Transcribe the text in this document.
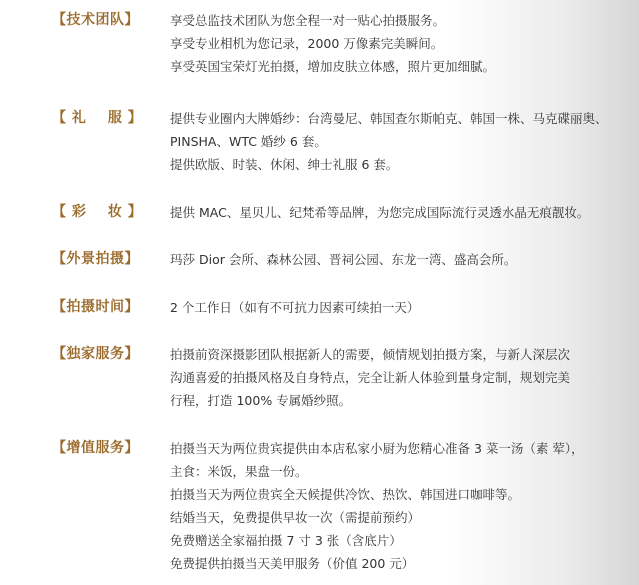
【技术团队】 享受总监技术团队为您全程一对一贴心拍摄服务。
享受专业相机为您记录，2000 万像素完美瞬间。
享受英国宝荣灯光拍摄，增加皮肤立体感，照片更加细腻。
【 礼    服 】 提供专业圈内大牌婚纱：台湾曼尼、韩国查尔斯帕克、韩国一株、马克碟丽奥、
PINSHA、WTC 婚纱 6 套。
提供欧版、时装、休闲、绅士礼服 6 套。
【 彩    妆 】 提供 MAC、星贝儿、纪梵希等品牌，为您完成国际流行灵透水晶无痕靓妆。
【外景拍摄】 玛莎 Dior 会所、森林公园、晋祠公园、东龙一湾、盛高会所。
【拍摄时间】 2 个工作日（如有不可抗力因素可续拍一天）
【独家服务】 拍摄前资深摄影团队根据新人的需要，倾情规划拍摄方案，与新人深层次
沟通喜爱的拍摄风格及自身特点，完全让新人体验到量身定制，规划完美
行程，打造 100% 专属婚纱照。
【增值服务】 拍摄当天为两位贵宾提供由本店私家小厨为您精心准备 3 菜一汤（素 荤），
主食：米饭，果盘一份。
拍摄当天为两位贵宾全天候提供冷饮、热饮、韩国进口咖啡等。
结婚当天，免费提供早妆一次（需提前预约）
免费赠送全家福拍摄 7 寸 3 张（含底片）
免费提供拍摄当天美甲服务（价值 200 元）
